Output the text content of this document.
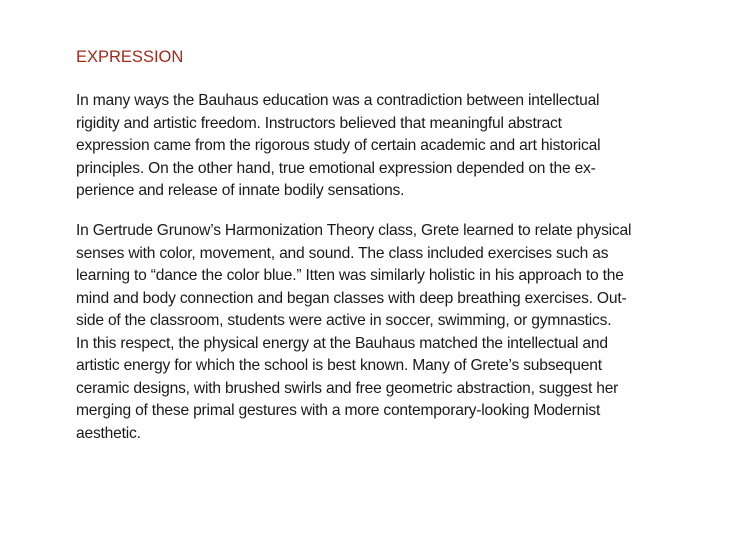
EXPRESSION
In many ways the Bauhaus education was a contradiction between intellectual
rigidity and artistic freedom. Instructors believed that meaningful abstract
expression came from the rigorous study of certain academic and art historical
principles. On the other hand, true emotional expression depended on the ex-
perience and release of innate bodily sensations.
In Gertrude Grunow’s Harmonization Theory class, Grete learned to relate physical
senses with color, movement, and sound. The class included exercises such as
learning to “dance the color blue.” Itten was similarly holistic in his approach to the
mind and body connection and began classes with deep breathing exercises. Out-
side of the classroom, students were active in soccer, swimming, or gymnastics.
In this respect, the physical energy at the Bauhaus matched the intellectual and
artistic energy for which the school is best known. Many of Grete’s subsequent
ceramic designs, with brushed swirls and free geometric abstraction, suggest her
merging of these primal gestures with a more contemporary-looking Modernist
aesthetic.
